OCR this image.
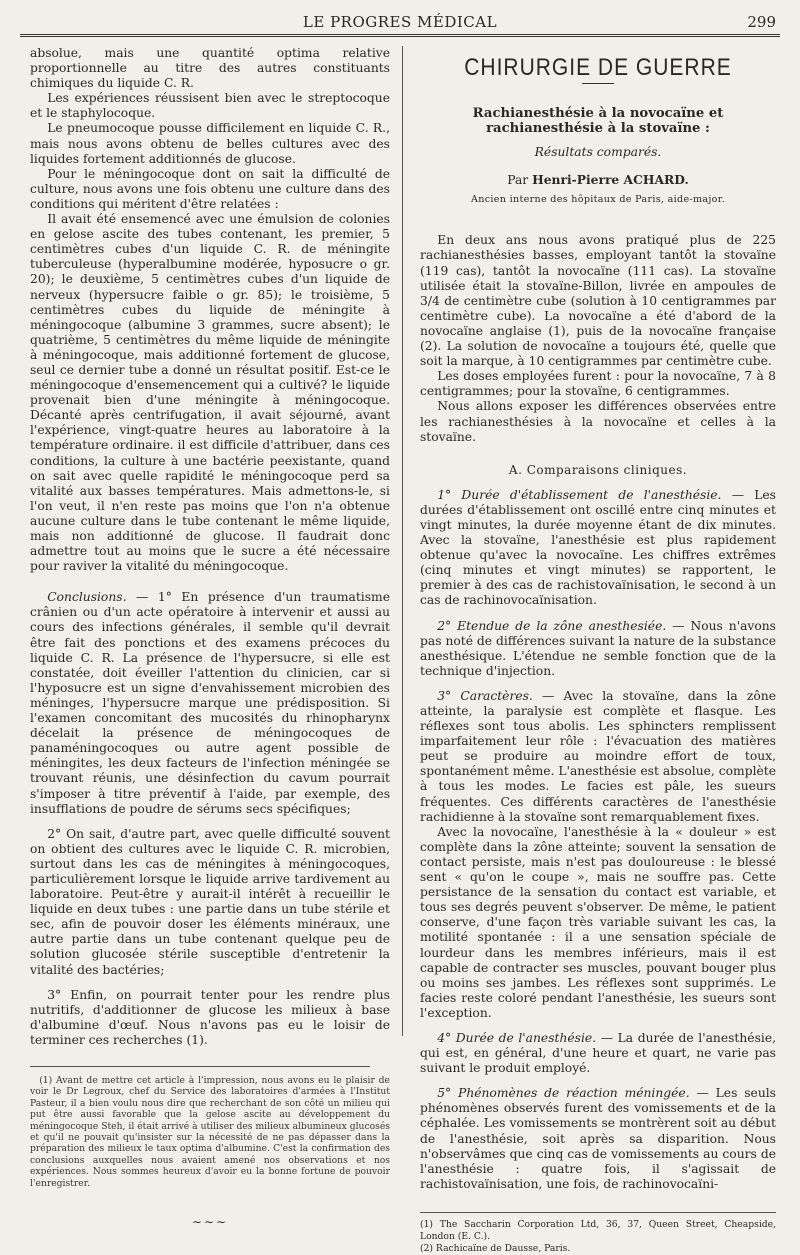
LE PROGRES MÉDICAL	299

absolue, mais une quantité optima relative proportionnelle au titre des autres constituants chimiques du liquide C. R.

Les expériences réussisent bien avec le streptocoque et le staphylocoque.

Le pneumocoque pousse difficilement en liquide C. R., mais nous avons obtenu de belles cultures avec des liquides fortement additionnés de glucose.

Pour le méningocoque dont on sait la difficulté de culture, nous avons une fois obtenu une culture dans des conditions qui méritent d'être relatées :

Il avait été ensemencé avec une émulsion de colonies en gelose ascite des tubes contenant, les premier, 5 centimètres cubes d'un liquide C. R. de méningite tuberculeuse (hyperalbumine modérée, hyposucre o gr. 20); le deuxième, 5 centimètres cubes d'un liquide de nerveux (hypersucre faible o gr. 85); le troisième, 5 centimètres cubes du liquide de méningite à méningocoque (albumine 3 grammes, sucre absent); le quatrième, 5 centimètres du même liquide de méningite à méningocoque, mais additionné fortement de glucose, seul ce dernier tube a donné un résultat positif. Est-ce le méningocoque d'ensemencement qui a cultivé? le liquide provenait bien d'une méningite à méningocoque. Décanté après centrifugation, il avait séjourné, avant l'expérience, vingt-quatre heures au laboratoire à la température ordinaire. il est difficile d'attribuer, dans ces conditions, la culture à une bactérie peexistante, quand on sait avec quelle rapidité le méningocoque perd sa vitalité aux basses températures. Mais admettons-le, si l'on veut, il n'en reste pas moins que l'on n'a obtenue aucune culture dans le tube contenant le même liquide, mais non additionné de glucose. Il faudrait donc admettre tout au moins que le sucre a été nécessaire pour raviver la vitalité du méningocoque.

Conclusions. — 1° En présence d'un traumatisme crânien ou d'un acte opératoire à intervenir et aussi au cours des infections générales, il semble qu'il devrait être fait des ponctions et des examens précoces du liquide C. R. La présence de l'hypersucre, si elle est constatée, doit éveiller l'attention du clinicien, car si l'hyposucre est un signe d'envahissement microbien des méninges, l'hypersucre marque une prédisposition. Si l'examen concomitant des mucosités du rhinopharynx décelait la présence de méningocoques de panaméningocoques ou autre agent possible de méningites, les deux facteurs de l'infection méningée se trouvant réunis, une désinfection du cavum pourrait s'imposer à titre préventif à l'aide, par exemple, des insufflations de poudre de sérums secs spécifiques;

2° On sait, d'autre part, avec quelle difficulté souvent on obtient des cultures avec le liquide C. R. microbien, surtout dans les cas de méningites à méningocoques, particulièrement lorsque le liquide arrive tardivement au laboratoire. Peut-être y aurait-il intérêt à recueillir le liquide en deux tubes : une partie dans un tube stérile et sec, afin de pouvoir doser les éléments minéraux, une autre partie dans un tube contenant quelque peu de solution glucosée stérile susceptible d'entretenir la vitalité des bactéries;

3° Enfin, on pourrait tenter pour les rendre plus nutritifs, d'additionner de glucose les milieux à base d'albumine d'œuf. Nous n'avons pas eu le loisir de terminer ces recherches (1).

(1) Avant de mettre cet article à l'impression, nous avons eu le plaisir de voir le Dr Legroux, chef du Service des laboratoires d'armées à l'Institut Pasteur, il a bien voulu nous dire que recherchant de son côté un milieu qui put être aussi favorable que la gelose ascite au développement du méningocoque Steh, il était arrivé à utiliser des milieux albumineux glucosés et qu'il ne pouvait qu'insister sur la nécessité de ne pas dépasser dans la préparation des milieux le taux optima d'albumine. C'est la confirmation des conclusions auxquelles nous avaient amené nos observations et nos expériences. Nous sommes heureux d'avoir eu la bonne fortune de pouvoir l'enregistrer.

∼∼∼
CHIRURGIE DE GUERRE
Rachianesthésie à la novocaïne et
rachianesthésie à la stovaïne :
Résultats comparés.
Par Henri-Pierre ACHARD.
Ancien interne des hôpitaux de Paris, aide-major.

En deux ans nous avons pratiqué plus de 225 rachianesthésies basses, employant tantôt la stovaïne (119 cas), tantôt la novocaïne (111 cas). La stovaïne utilisée était la stovaïne-Billon, livrée en ampoules de 3/4 de centimètre cube (solution à 10 centigrammes par centimètre cube). La novocaïne a été d'abord de la novocaïne anglaise (1), puis de la novocaïne française (2). La solution de novocaïne a toujours été, quelle que soit la marque, à 10 centigrammes par centimètre cube.

Les doses employées furent : pour la novocaïne, 7 à 8 centigrammes; pour la stovaïne, 6 centigrammes.

Nous allons exposer les différences observées entre les rachianesthésies à la novocaïne et celles à la stovaïne.

A. Comparaisons cliniques.

1° Durée d'établissement de l'anesthésie. — Les durées d'établissement ont oscillé entre cinq minutes et vingt minutes, la durée moyenne étant de dix minutes. Avec la stovaïne, l'anesthésie est plus rapidement obtenue qu'avec la novocaïne. Les chiffres extrêmes (cinq minutes et vingt minutes) se rapportent, le premier à des cas de rachistovaïnisation, le second à un cas de rachinovocaïnisation.

2° Etendue de la zône anesthesiée. — Nous n'avons pas noté de différences suivant la nature de la substance anesthésique. L'étendue ne semble fonction que de la technique d'injection.

3° Caractères. — Avec la stovaïne, dans la zône atteinte, la paralysie est complète et flasque. Les réflexes sont tous abolis. Les sphincters remplissent imparfaitement leur rôle : l'évacuation des matières peut se produire au moindre effort de toux, spontanément même. L'anesthésie est absolue, complète à tous les modes. Le facies est pâle, les sueurs fréquentes. Ces différents caractères de l'anesthésie rachidienne à la stovaïne sont remarquablement fixes.

Avec la novocaïne, l'anesthésie à la « douleur » est complète dans la zône atteinte; souvent la sensation de contact persiste, mais n'est pas douloureuse : le blessé sent « qu'on le coupe », mais ne souffre pas. Cette persistance de la sensation du contact est variable, et tous ses degrés peuvent s'observer. De même, le patient conserve, d'une façon très variable suivant les cas, la motilité spontanée : il a une sensation spéciale de lourdeur dans les membres inférieurs, mais il est capable de contracter ses muscles, pouvant bouger plus ou moins ses jambes. Les réflexes sont supprimés. Le facies reste coloré pendant l'anesthésie, les sueurs sont l'exception.

4° Durée de l'anesthésie. — La durée de l'anesthésie, qui est, en général, d'une heure et quart, ne varie pas suivant le produit employé.

5° Phénomènes de réaction méningée. — Les seuls phénomènes observés furent des vomissements et de la céphalée. Les vomissements se montrèrent soit au début de l'anesthésie, soit après sa disparition. Nous n'observâmes que cinq cas de vomissements au cours de l'anesthésie : quatre fois, il s'agissait de rachistovaïnisation, une fois, de rachinovocaïni-

(1) The Saccharin Corporation Ltd, 36, 37, Queen Street, Cheapside, London (E. C.).
(2) Rachicaïne de Dausse, Paris.
